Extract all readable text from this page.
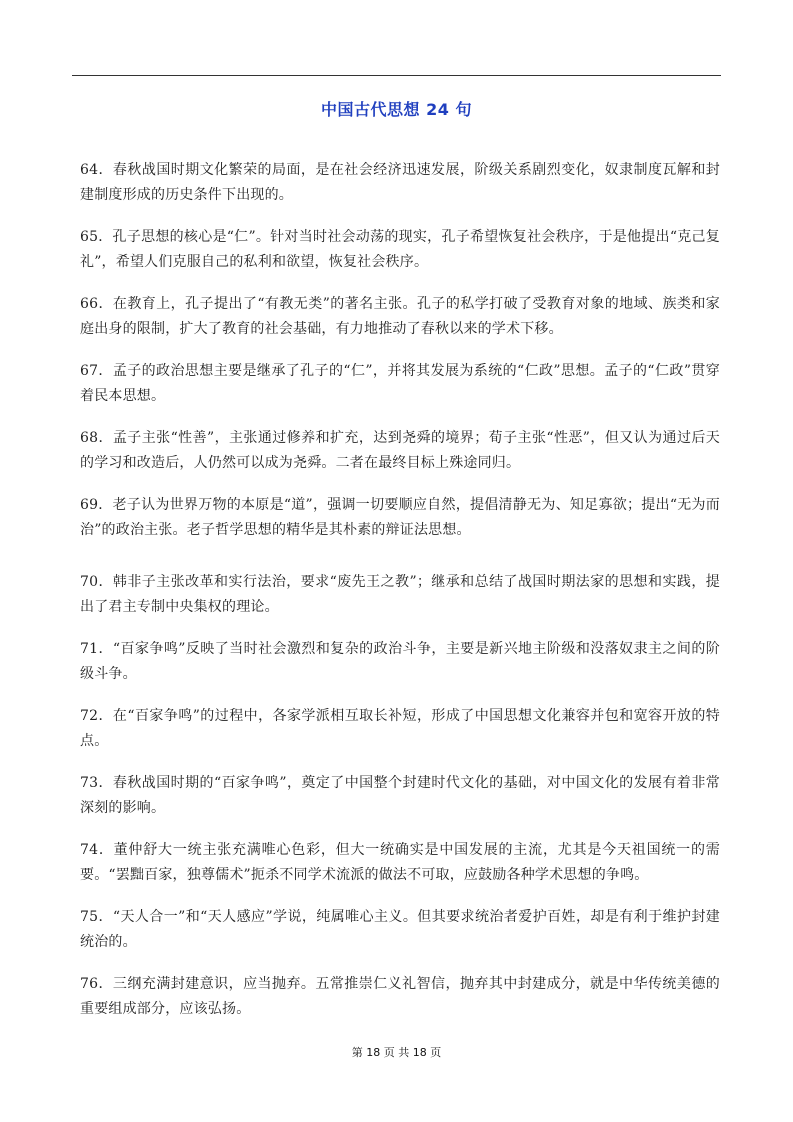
中国古代思想 24 句

64．春秋战国时期文化繁荣的局面，是在社会经济迅速发展，阶级关系剧烈变化，奴隶制度瓦解和封建制度形成的历史条件下出现的。

65．孔子思想的核心是“仁”。针对当时社会动荡的现实，孔子希望恢复社会秩序，于是他提出“克己复礼”，希望人们克服自己的私利和欲望，恢复社会秩序。

66．在教育上，孔子提出了“有教无类”的著名主张。孔子的私学打破了受教育对象的地域、族类和家庭出身的限制，扩大了教育的社会基础，有力地推动了春秋以来的学术下移。

67．孟子的政治思想主要是继承了孔子的“仁”，并将其发展为系统的“仁政”思想。孟子的“仁政”贯穿着民本思想。

68．孟子主张“性善”，主张通过修养和扩充，达到尧舜的境界；荀子主张“性恶”，但又认为通过后天的学习和改造后，人仍然可以成为尧舜。二者在最终目标上殊途同归。

69．老子认为世界万物的本原是“道”，强调一切要顺应自然，提倡清静无为、知足寡欲；提出“无为而治”的政治主张。老子哲学思想的精华是其朴素的辩证法思想。

70．韩非子主张改革和实行法治，要求“废先王之教”；继承和总结了战国时期法家的思想和实践，提出了君主专制中央集权的理论。

71．“百家争鸣”反映了当时社会激烈和复杂的政治斗争，主要是新兴地主阶级和没落奴隶主之间的阶级斗争。

72．在“百家争鸣”的过程中，各家学派相互取长补短，形成了中国思想文化兼容并包和宽容开放的特点。

73．春秋战国时期的“百家争鸣”，奠定了中国整个封建时代文化的基础，对中国文化的发展有着非常深刻的影响。

74．董仲舒大一统主张充满唯心色彩，但大一统确实是中国发展的主流，尤其是今天祖国统一的需要。“罢黜百家，独尊儒术”扼杀不同学术流派的做法不可取，应鼓励各种学术思想的争鸣。

75．“天人合一”和“天人感应”学说，纯属唯心主义。但其要求统治者爱护百姓，却是有利于维护封建统治的。

76．三纲充满封建意识，应当抛弃。五常推崇仁义礼智信，抛弃其中封建成分，就是中华传统美德的重要组成部分，应该弘扬。

第 18 页 共 18 页
